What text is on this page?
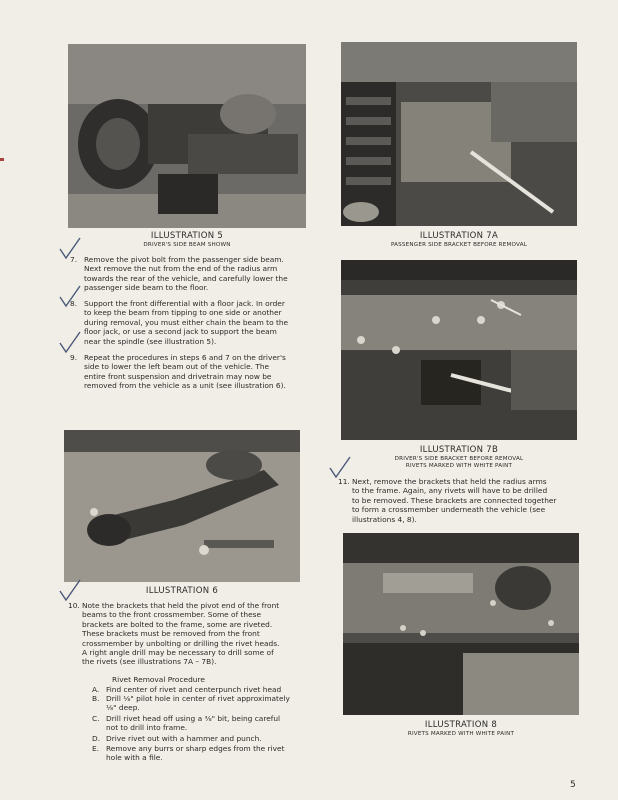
ILLUSTRATION 5
DRIVER'S SIDE BEAM SHOWN
ILLUSTRATION 7A
PASSENGER SIDE BRACKET BEFORE REMOVAL
ILLUSTRATION 7B
DRIVER'S SIDE BRACKET BEFORE REMOVAL
RIVETS MARKED WITH WHITE PAINT
ILLUSTRATION 6
ILLUSTRATION 8
RIVETS MARKED WITH WHITE PAINT
7. Remove the pivot bolt from the passenger side beam.
Next remove the nut from the end of the radius arm
towards the rear of the vehicle, and carefully lower the
passenger side beam to the floor.
8. Support the front differential with a floor jack. In order
to keep the beam from tipping to one side or another
during removal, you must either chain the beam to the
floor jack, or use a second jack to support the beam
near the spindle (see illustration 5).
9. Repeat the procedures in steps 6 and 7 on the driver's
side to lower the left beam out of the vehicle. The
entire front suspension and drivetrain may now be
removed from the vehicle as a unit (see illustration 6).
10. Note the brackets that held the pivot end of the front
beams to the front crossmember. Some of these
brackets are bolted to the frame, some are riveted.
These brackets must be removed from the front
crossmember by unbolting or drilling the rivet heads.
A right angle drill may be necessary to drill some of
the rivets (see illustrations 7A – 7B).
Rivet Removal Procedure
A. Find center of rivet and centerpunch rivet head
B. Drill ⅛" pilot hole in center of rivet approximately
⅛" deep.
C. Drill rivet head off using a ⅜" bit, being careful
not to drill into frame.
D. Drive rivet out with a hammer and punch.
E. Remove any burrs or sharp edges from the rivet
hole with a file.
11. Next, remove the brackets that held the radius arms
to the frame. Again, any rivets will have to be drilled
to be removed. These brackets are connected together
to form a crossmember underneath the vehicle (see
illustrations 4, 8).
5
